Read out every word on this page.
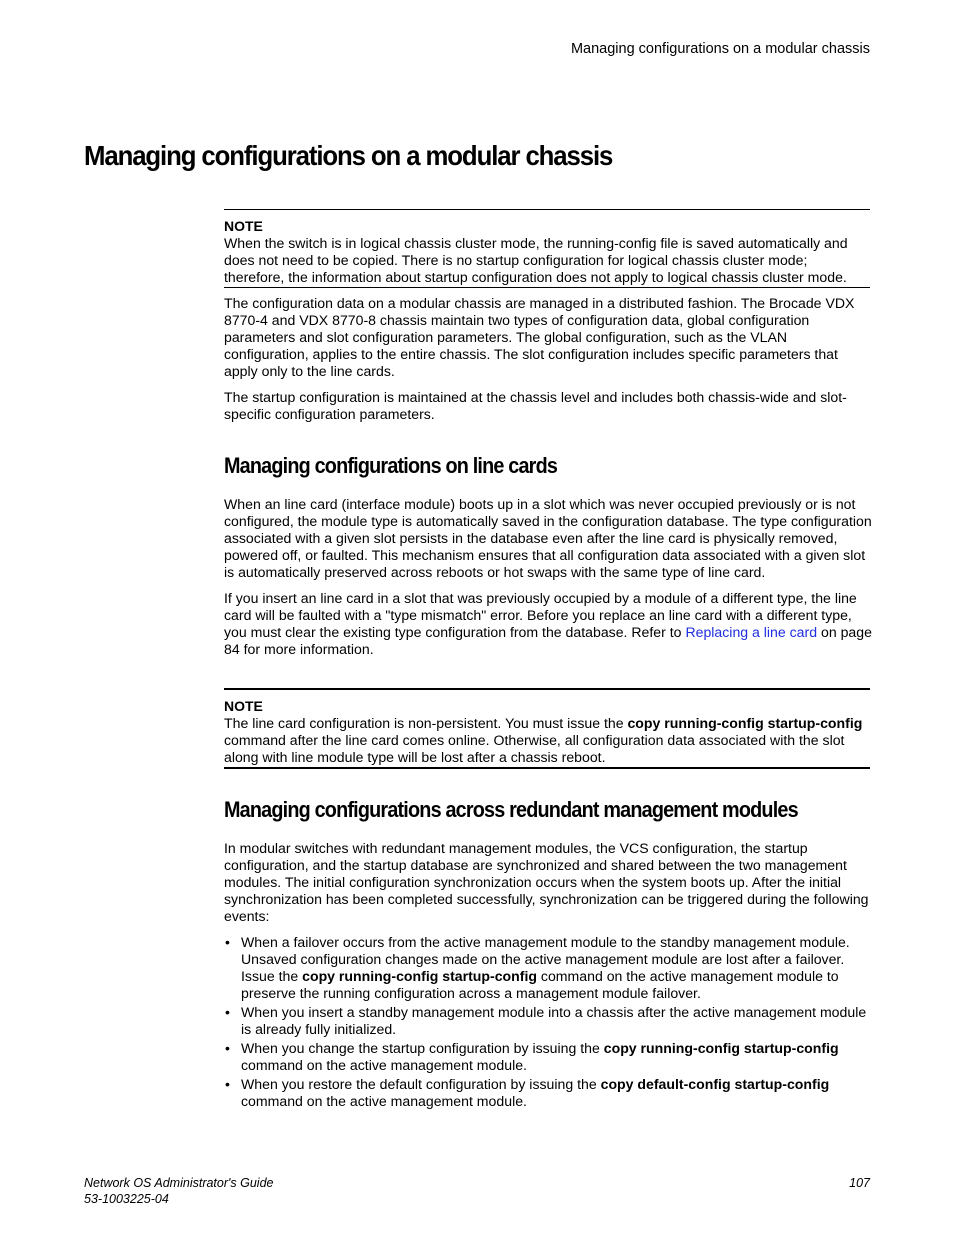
Managing configurations on a modular chassis
Managing configurations on a modular chassis
NOTE
When the switch is in logical chassis cluster mode, the running-config file is saved automatically and does not need to be copied. There is no startup configuration for logical chassis cluster mode; therefore, the information about startup configuration does not apply to logical chassis cluster mode.
The configuration data on a modular chassis are managed in a distributed fashion. The Brocade VDX 8770-4 and VDX 8770-8 chassis maintain two types of configuration data, global configuration parameters and slot configuration parameters. The global configuration, such as the VLAN configuration, applies to the entire chassis. The slot configuration includes specific parameters that apply only to the line cards.
The startup configuration is maintained at the chassis level and includes both chassis-wide and slot-specific configuration parameters.
Managing configurations on line cards
When an line card (interface module) boots up in a slot which was never occupied previously or is not configured, the module type is automatically saved in the configuration database. The type configuration associated with a given slot persists in the database even after the line card is physically removed, powered off, or faulted. This mechanism ensures that all configuration data associated with a given slot is automatically preserved across reboots or hot swaps with the same type of line card.
If you insert an line card in a slot that was previously occupied by a module of a different type, the line card will be faulted with a "type mismatch" error. Before you replace an line card with a different type, you must clear the existing type configuration from the database. Refer to Replacing a line card on page 84 for more information.
NOTE
The line card configuration is non-persistent. You must issue the copy running-config startup-config command after the line card comes online. Otherwise, all configuration data associated with the slot along with line module type will be lost after a chassis reboot.
Managing configurations across redundant management modules
In modular switches with redundant management modules, the VCS configuration, the startup configuration, and the startup database are synchronized and shared between the two management modules. The initial configuration synchronization occurs when the system boots up. After the initial synchronization has been completed successfully, synchronization can be triggered during the following events:
• When a failover occurs from the active management module to the standby management module. Unsaved configuration changes made on the active management module are lost after a failover. Issue the copy running-config startup-config command on the active management module to preserve the running configuration across a management module failover.
• When you insert a standby management module into a chassis after the active management module is already fully initialized.
• When you change the startup configuration by issuing the copy running-config startup-config command on the active management module.
• When you restore the default configuration by issuing the copy default-config startup-config command on the active management module.
Network OS Administrator's Guide
53-1003225-04
107
